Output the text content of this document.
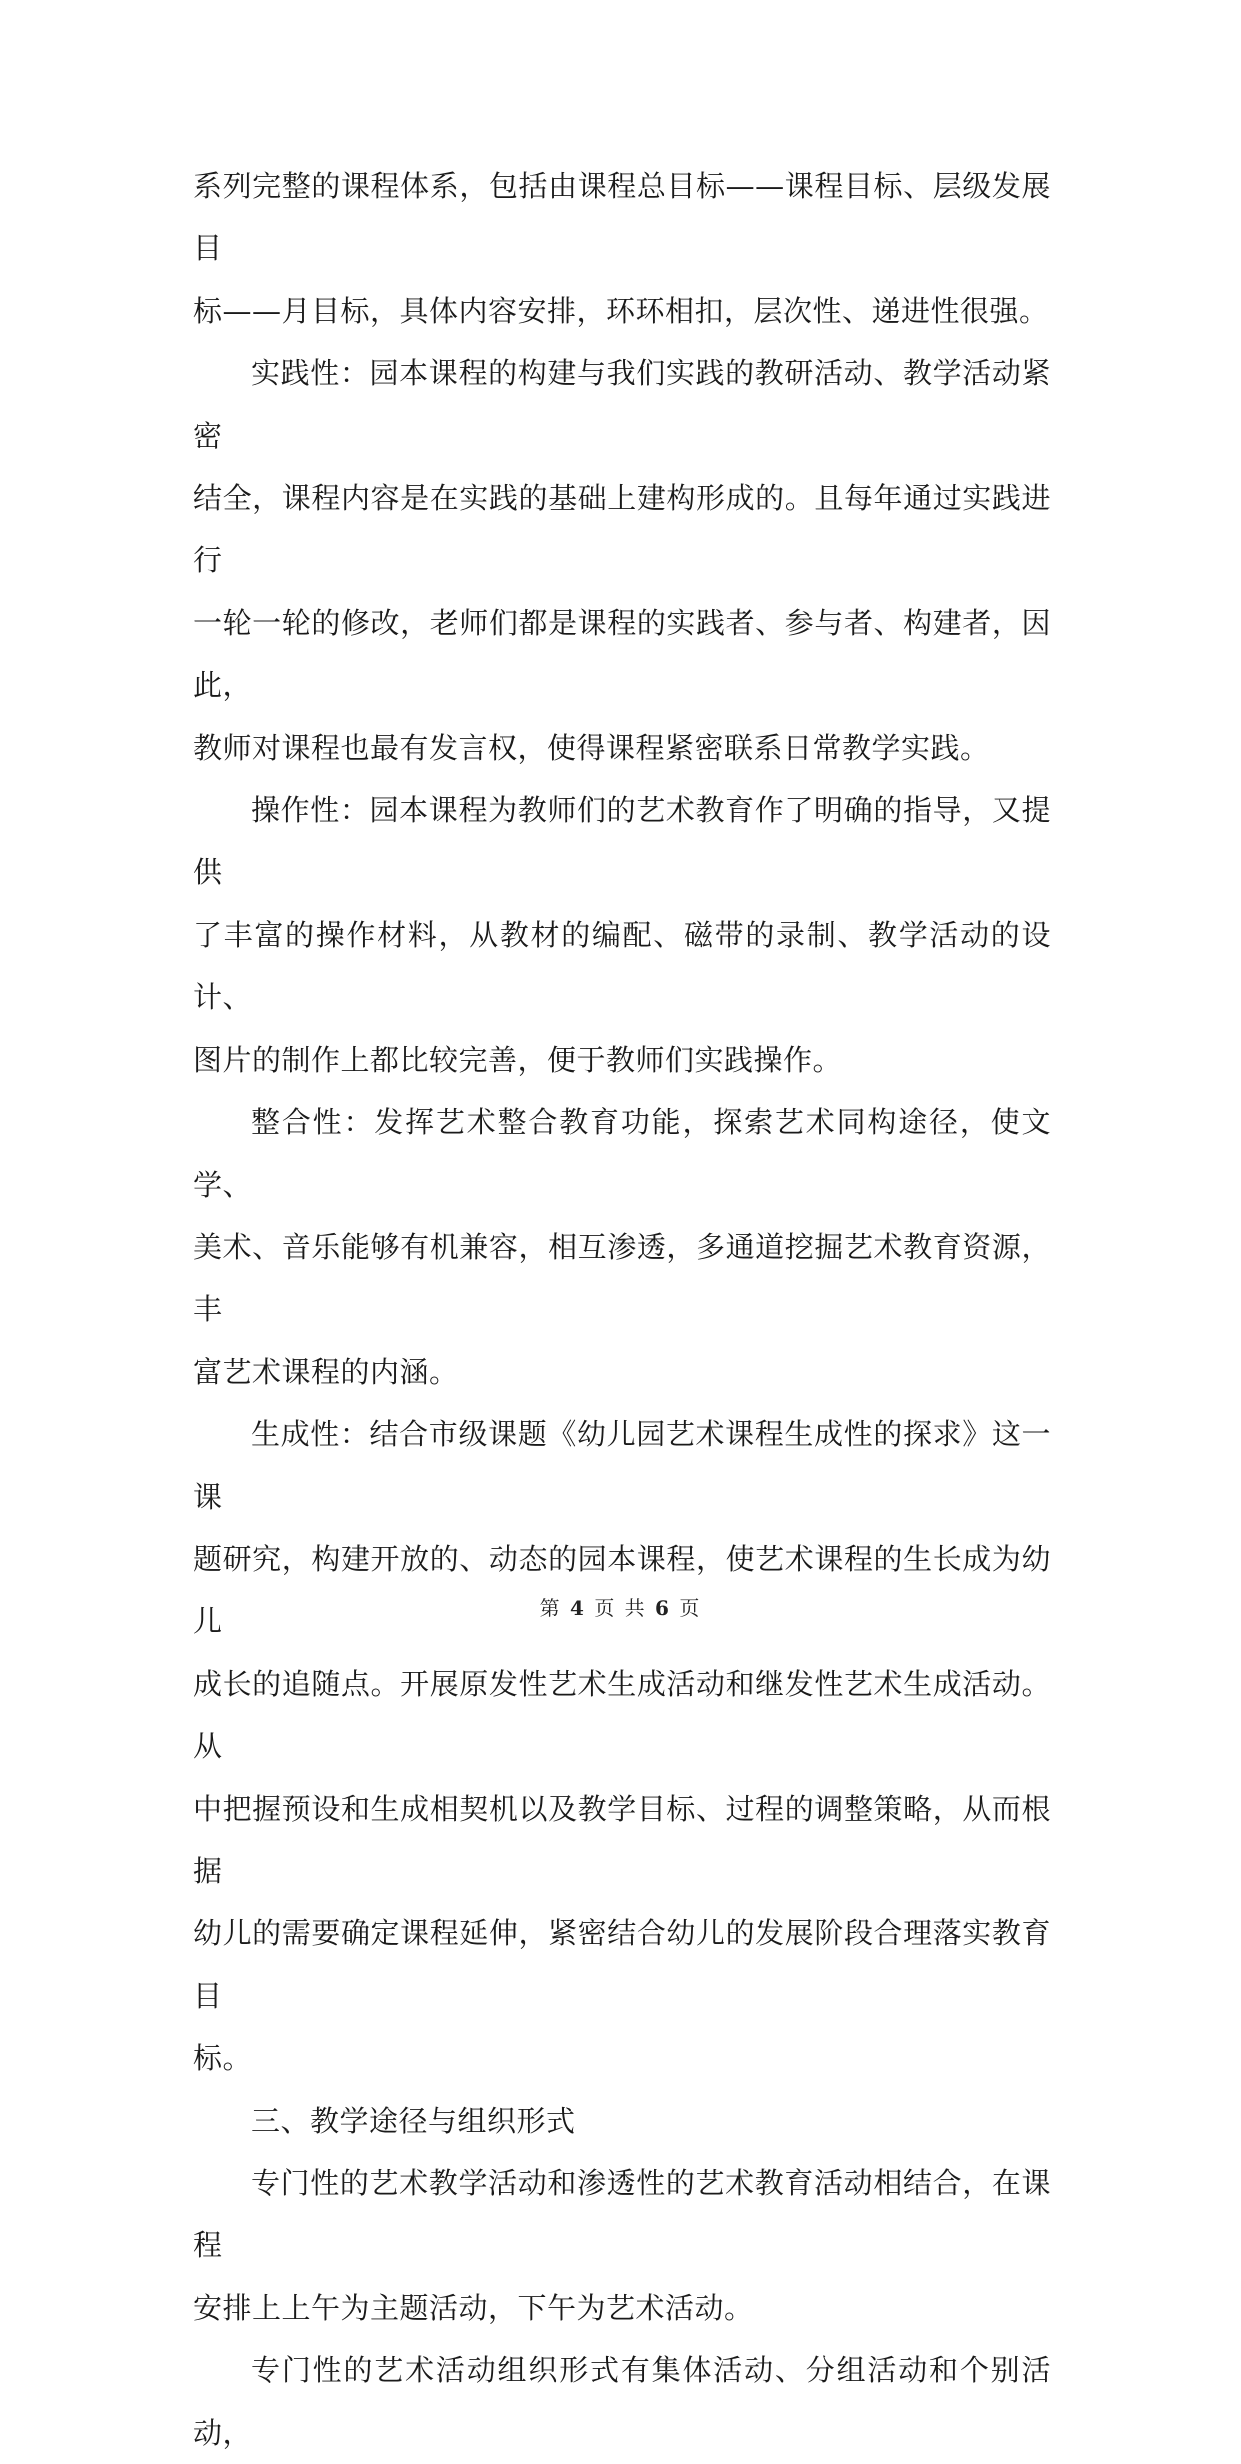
系列完整的课程体系，包括由课程总目标——课程目标、层级发展目
标——月目标，具体内容安排，环环相扣，层次性、递进性很强。

实践性：园本课程的构建与我们实践的教研活动、教学活动紧密
结全，课程内容是在实践的基础上建构形成的。且每年通过实践进行
一轮一轮的修改，老师们都是课程的实践者、参与者、构建者，因此，
教师对课程也最有发言权，使得课程紧密联系日常教学实践。

操作性：园本课程为教师们的艺术教育作了明确的指导，又提供
了丰富的操作材料，从教材的编配、磁带的录制、教学活动的设计、
图片的制作上都比较完善，便于教师们实践操作。

整合性：发挥艺术整合教育功能，探索艺术同构途径，使文学、
美术、音乐能够有机兼容，相互渗透，多通道挖掘艺术教育资源，丰
富艺术课程的内涵。

生成性：结合市级课题《幼儿园艺术课程生成性的探求》这一课
题研究，构建开放的、动态的园本课程，使艺术课程的生长成为幼儿
成长的追随点。开展原发性艺术生成活动和继发性艺术生成活动。从
中把握预设和生成相契机以及教学目标、过程的调整策略，从而根据
幼儿的需要确定课程延伸，紧密结合幼儿的发展阶段合理落实教育目
标。

三、教学途径与组织形式

专门性的艺术教学活动和渗透性的艺术教育活动相结合，在课程
安排上上午为主题活动，下午为艺术活动。

专门性的艺术活动组织形式有集体活动、分组活动和个别活动，

第 4 页 共 6 页
